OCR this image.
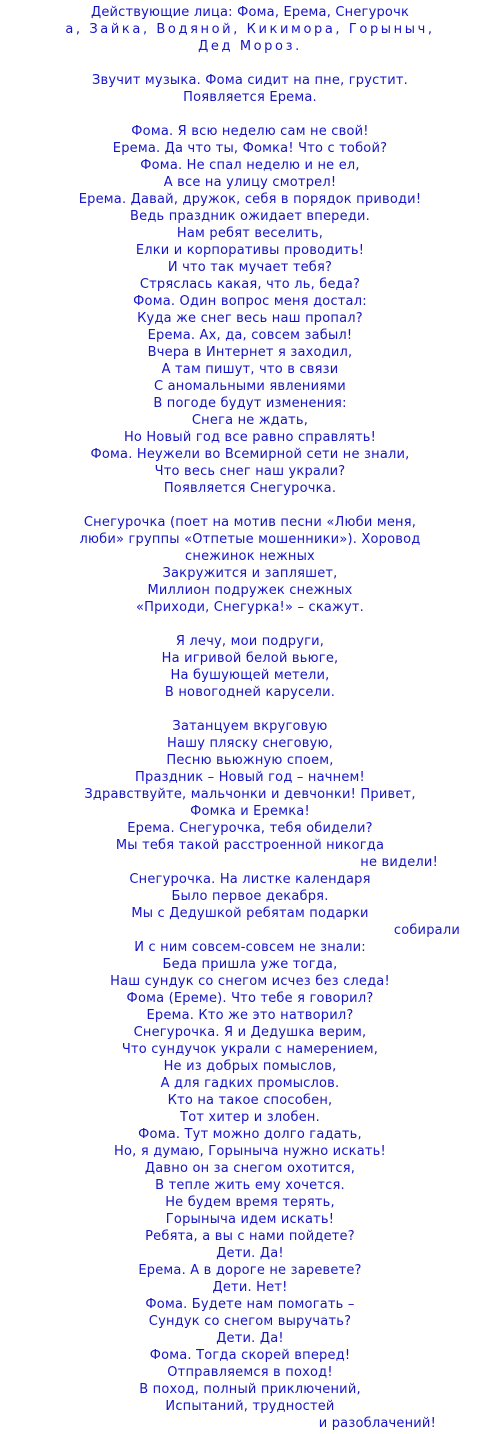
Действующие лица: Фома, Ерема, Снегурочк
а, Зайка, Водяной, Кикимора, Горыныч,
Дед Мороз.
Звучит музыка. Фома сидит на пне, грустит.
Появляется Ерема.
Фома. Я всю неделю сам не свой!
Ерема. Да что ты, Фомка! Что с тобой?
Фома. Не спал неделю и не ел,
А все на улицу смотрел!
Ерема. Давай, дружок, себя в порядок приводи!
Ведь праздник ожидает впереди.
Нам ребят веселить,
Елки и корпоративы проводить!
И что так мучает тебя?
Стряслась какая, что ль, беда?
Фома. Один вопрос меня достал:
Куда же снег весь наш пропал?
Ерема. Ах, да, совсем забыл!
Вчера в Интернет я заходил,
А там пишут, что в связи
С аномальными явлениями
В погоде будут изменения:
Снега не ждать,
Но Новый год все равно справлять!
Фома. Неужели во Всемирной сети не знали,
Что весь снег наш украли?
Появляется Снегурочка.
Снегурочка (поет на мотив песни «Люби меня,
люби» группы «Отпетые мошенники»). Хоровод
снежинок нежных
Закружится и запляшет,
Миллион подружек снежных
«Приходи, Снегурка!» – скажут.
Я лечу, мои подруги,
На игривой белой вьюге,
На бушующей метели,
В новогодней карусели.
Затанцуем вкруговую
Нашу пляску снеговую,
Песню вьюжную споем,
Праздник – Новый год – начнем!
Здравствуйте, мальчонки и девчонки! Привет,
Фомка и Еремка!
Ерема. Снегурочка, тебя обидели?
Мы тебя такой расстроенной никогда
не видели!
Снегурочка. На листке календаря
Было первое декабря.
Мы с Дедушкой ребятам подарки
собирали
И с ним совсем-совсем не знали:
Беда пришла уже тогда,
Наш сундук со снегом исчез без следа!
Фома (Ереме). Что тебе я говорил?
Ерема. Кто же это натворил?
Снегурочка. Я и Дедушка верим,
Что сундучок украли с намерением,
Не из добрых помыслов,
А для гадких промыслов.
Кто на такое способен,
Тот хитер и злобен.
Фома. Тут можно долго гадать,
Но, я думаю, Горыныча нужно искать!
Давно он за снегом охотится,
В тепле жить ему хочется.
Не будем время терять,
Горыныча идем искать!
Ребята, а вы с нами пойдете?
Дети. Да!
Ерема. А в дороге не заревете?
Дети. Нет!
Фома. Будете нам помогать –
Сундук со снегом выручать?
Дети. Да!
Фома. Тогда скорей вперед!
Отправляемся в поход!
В поход, полный приключений,
Испытаний, трудностей
и разоблачений!
